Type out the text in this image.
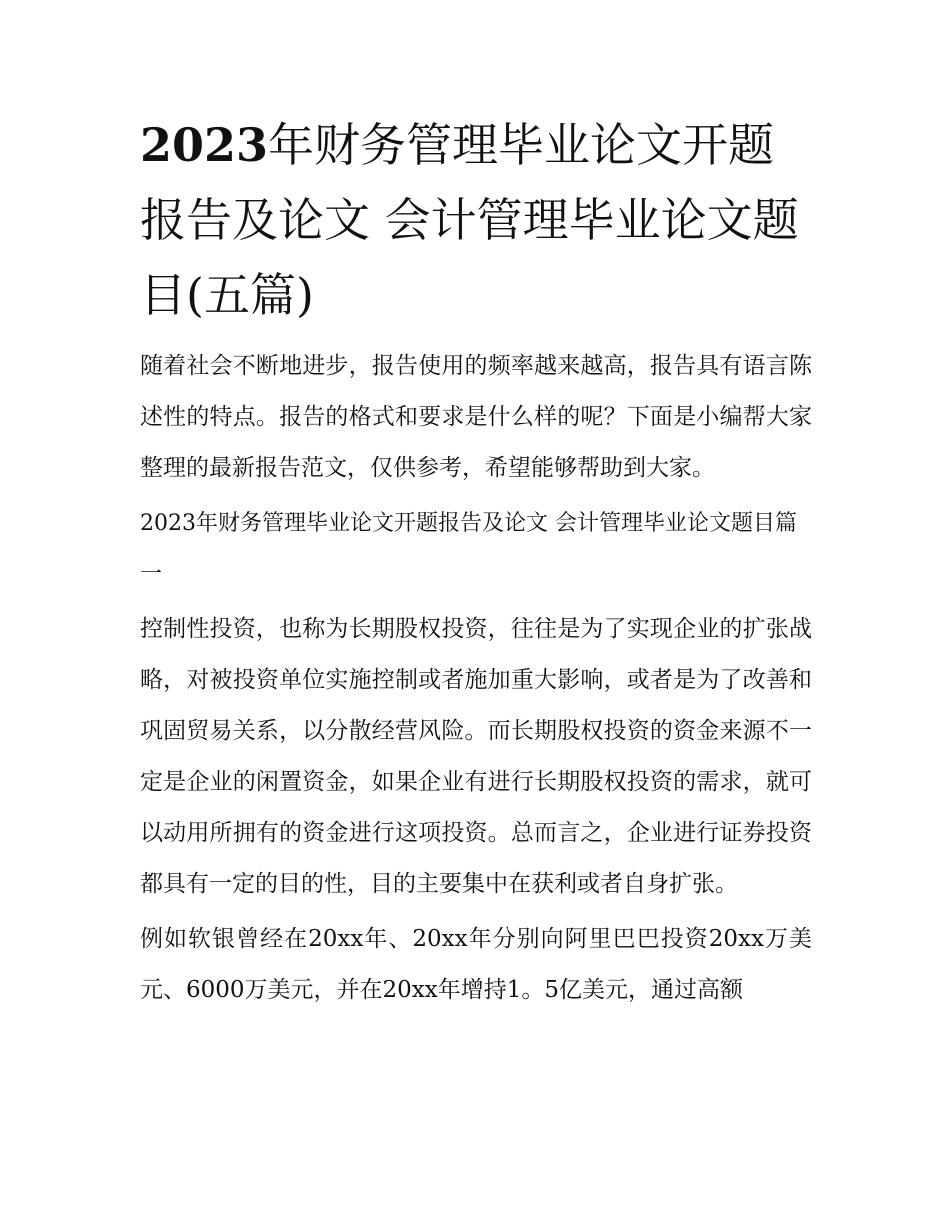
2023年财务管理毕业论文开题报告及论文 会计管理毕业论文题目(五篇)

随着社会不断地进步，报告使用的频率越来越高，报告具有语言陈述性的特点。报告的格式和要求是什么样的呢？下面是小编帮大家整理的最新报告范文，仅供参考，希望能够帮助到大家。

2023年财务管理毕业论文开题报告及论文 会计管理毕业论文题目篇一

控制性投资，也称为长期股权投资，往往是为了实现企业的扩张战略，对被投资单位实施控制或者施加重大影响，或者是为了改善和巩固贸易关系，以分散经营风险。而长期股权投资的资金来源不一定是企业的闲置资金，如果企业有进行长期股权投资的需求，就可以动用所拥有的资金进行这项投资。总而言之，企业进行证券投资都具有一定的目的性，目的主要集中在获利或者自身扩张。

例如软银曾经在20xx年、20xx年分别向阿里巴巴投资20xx万美元、6000万美元，并在20xx年增持1。5亿美元，通过高额
